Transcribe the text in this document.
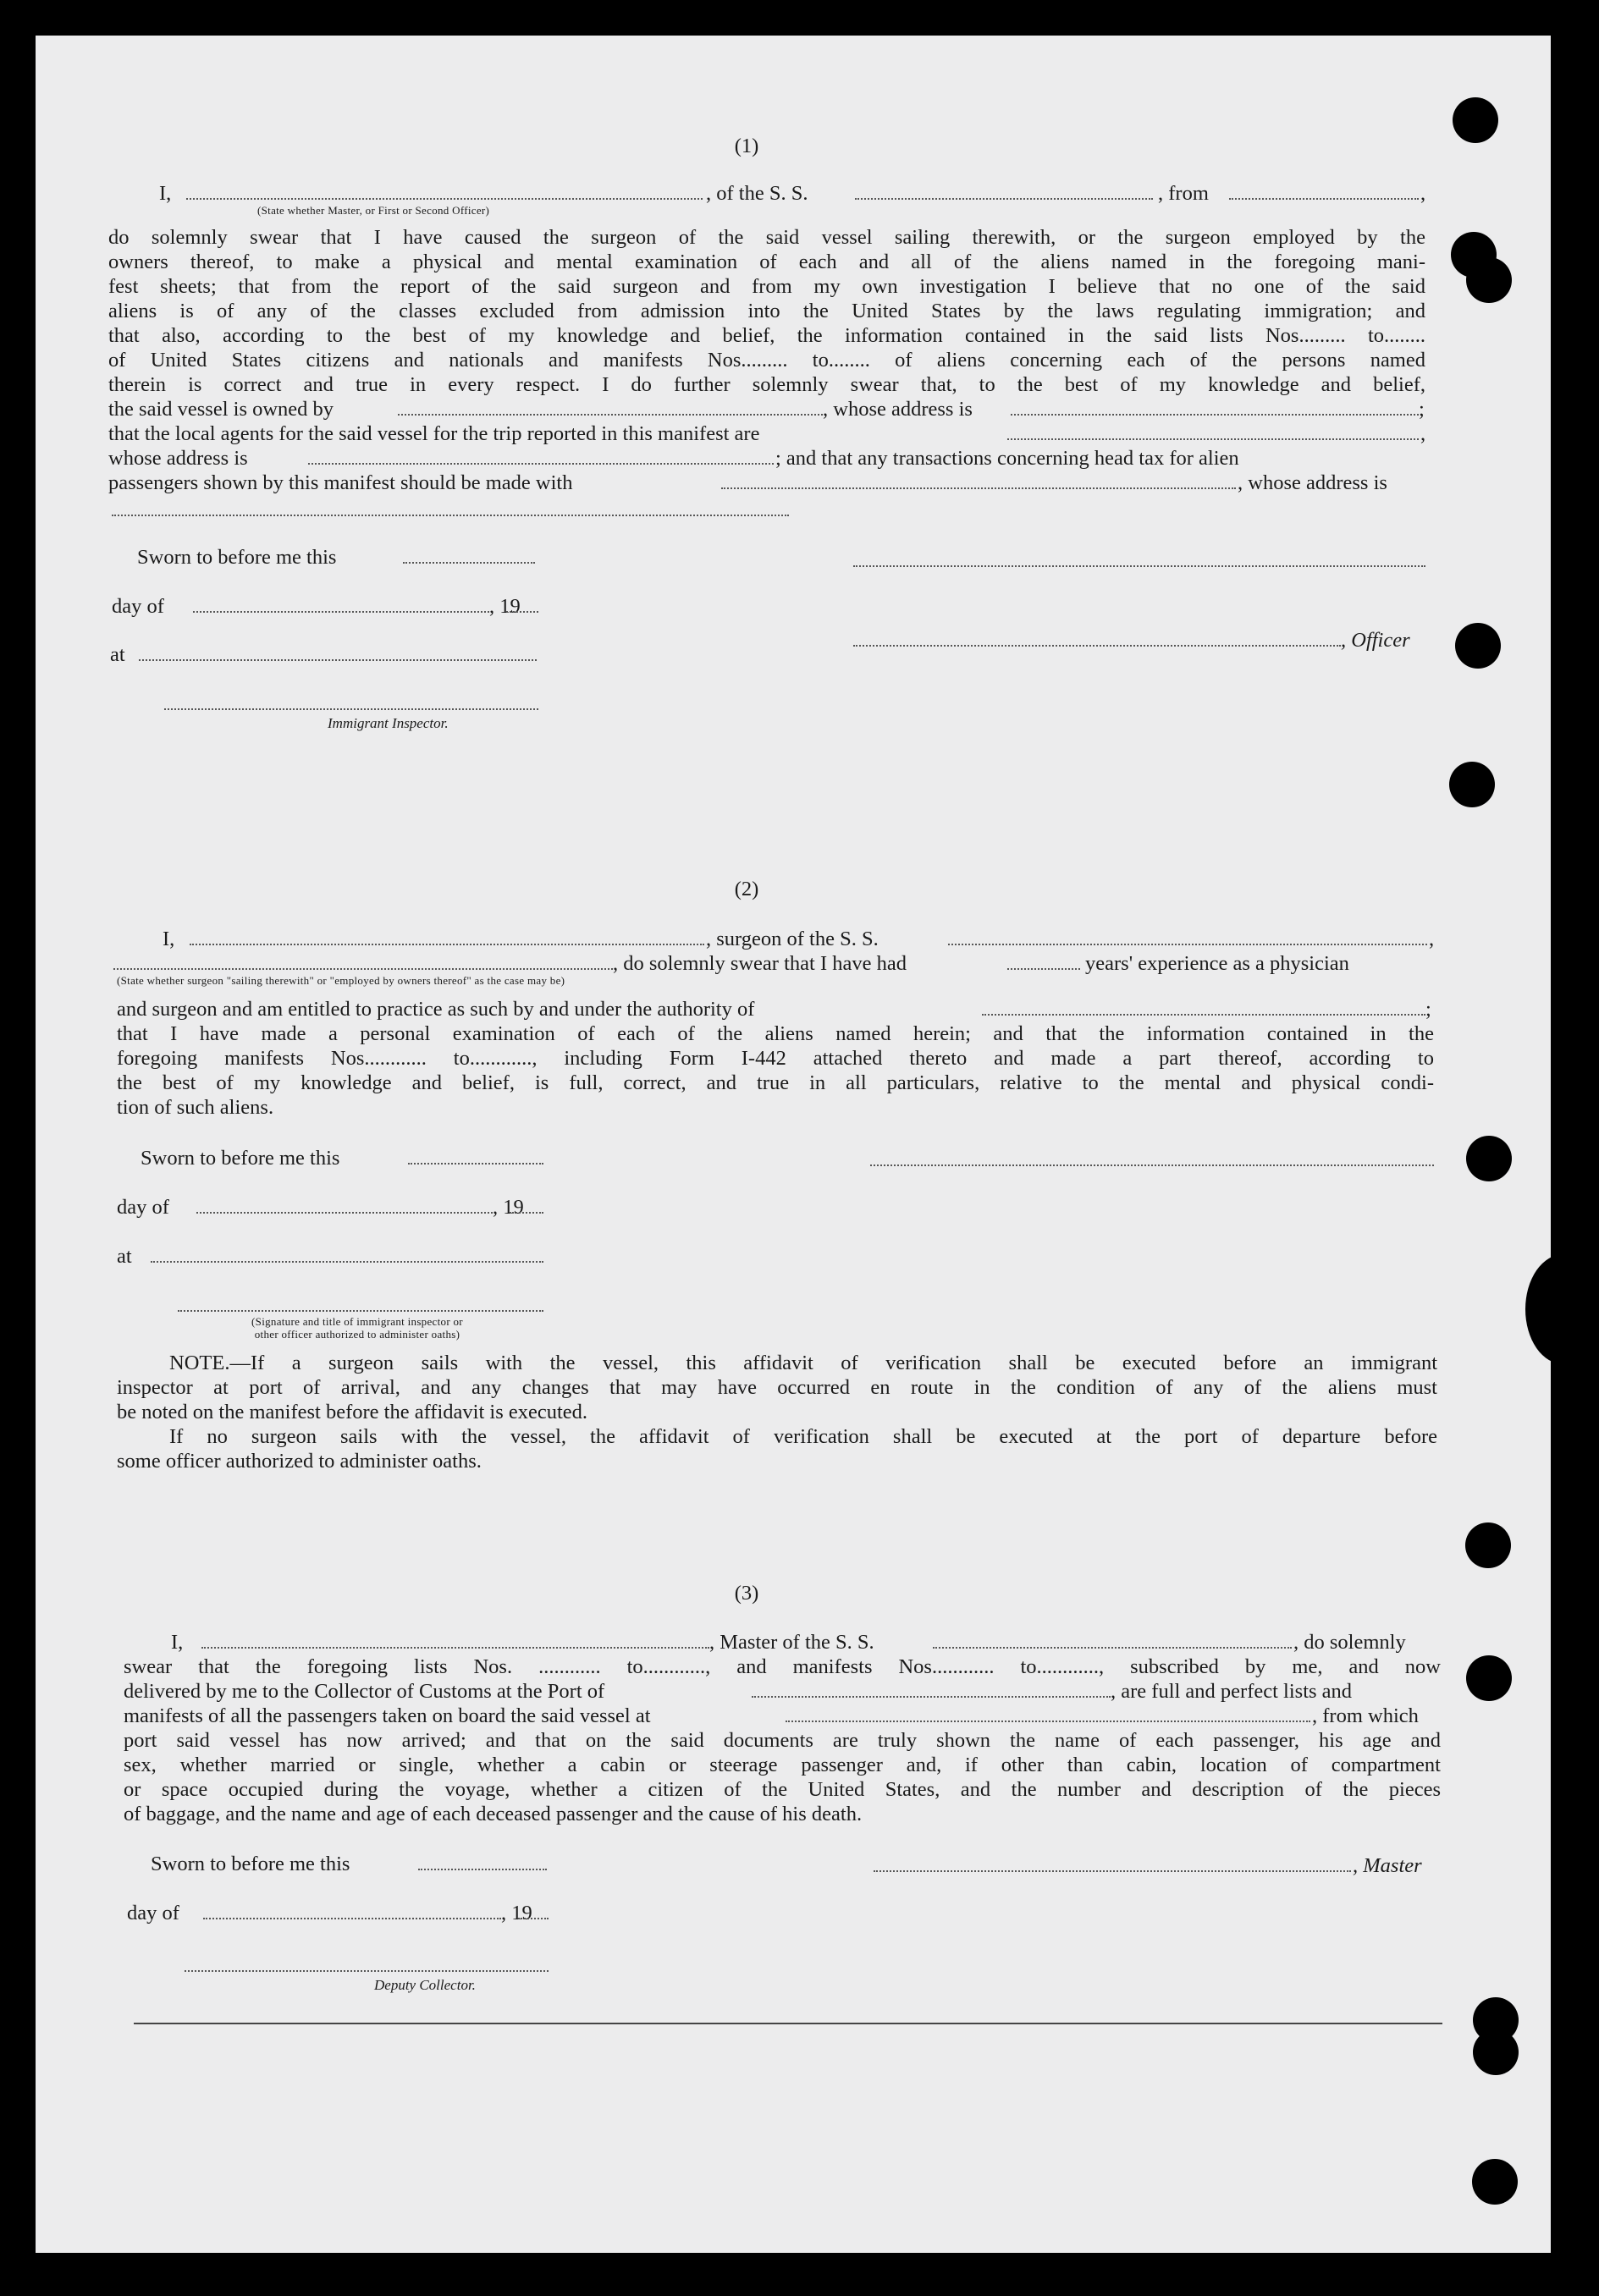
(1)
I,	, of the S. S.	, from	,
(State whether Master, or First or Second Officer)
do solemnly swear that I have caused the surgeon of the said vessel sailing therewith, or the surgeon employed by the
owners thereof, to make a physical and mental examination of each and all of the aliens named in the foregoing mani-
fest sheets; that from the report of the said surgeon and from my own investigation I believe that no one of the said
aliens is of any of the classes excluded from admission into the United States by the laws regulating immigration; and
that also, according to the best of my knowledge and belief, the information contained in the said lists Nos......... to........
of United States citizens and nationals and manifests Nos......... to........ of aliens concerning each of the persons named
therein is correct and true in every respect. I do further solemnly swear that, to the best of my knowledge and belief,
the said vessel is owned by	, whose address is	;
that the local agents for the said vessel for the trip reported in this manifest are	,
whose address is	; and that any transactions concerning head tax for alien
passengers shown by this manifest should be made with	, whose address is
Sworn to before me this
day of	, 19
, Officer
at
Immigrant Inspector.
(2)
I,	, surgeon of the S. S.	,
, do solemnly swear that I have had	years' experience as a physician
(State whether surgeon "sailing therewith" or "employed by owners thereof" as the case may be)
and surgeon and am entitled to practice as such by and under the authority of	;
that I have made a personal examination of each of the aliens named herein; and that the information contained in the
foregoing manifests Nos............ to............, including Form I-442 attached thereto and made a part thereof, according to
the best of my knowledge and belief, is full, correct, and true in all particulars, relative to the mental and physical condi-
tion of such aliens.
Sworn to before me this
day of	, 19
at
(Signature and title of immigrant inspector or
other officer authorized to administer oaths)
NOTE.—If a surgeon sails with the vessel, this affidavit of verification shall be executed before an immigrant
inspector at port of arrival, and any changes that may have occurred en route in the condition of any of the aliens must
be noted on the manifest before the affidavit is executed.
If no surgeon sails with the vessel, the affidavit of verification shall be executed at the port of departure before
some officer authorized to administer oaths.
(3)
I,	, Master of the S. S.	, do solemnly
swear that the foregoing lists Nos. ............ to............, and manifests Nos............ to............, subscribed by me, and now
delivered by me to the Collector of Customs at the Port of	, are full and perfect lists and
manifests of all the passengers taken on board the said vessel at	, from which
port said vessel has now arrived; and that on the said documents are truly shown the name of each passenger, his age and
sex, whether married or single, whether a cabin or steerage passenger and, if other than cabin, location of compartment
or space occupied during the voyage, whether a citizen of the United States, and the number and description of the pieces
of baggage, and the name and age of each deceased passenger and the cause of his death.
Sworn to before me this	, Master
day of	, 19
Deputy Collector.
